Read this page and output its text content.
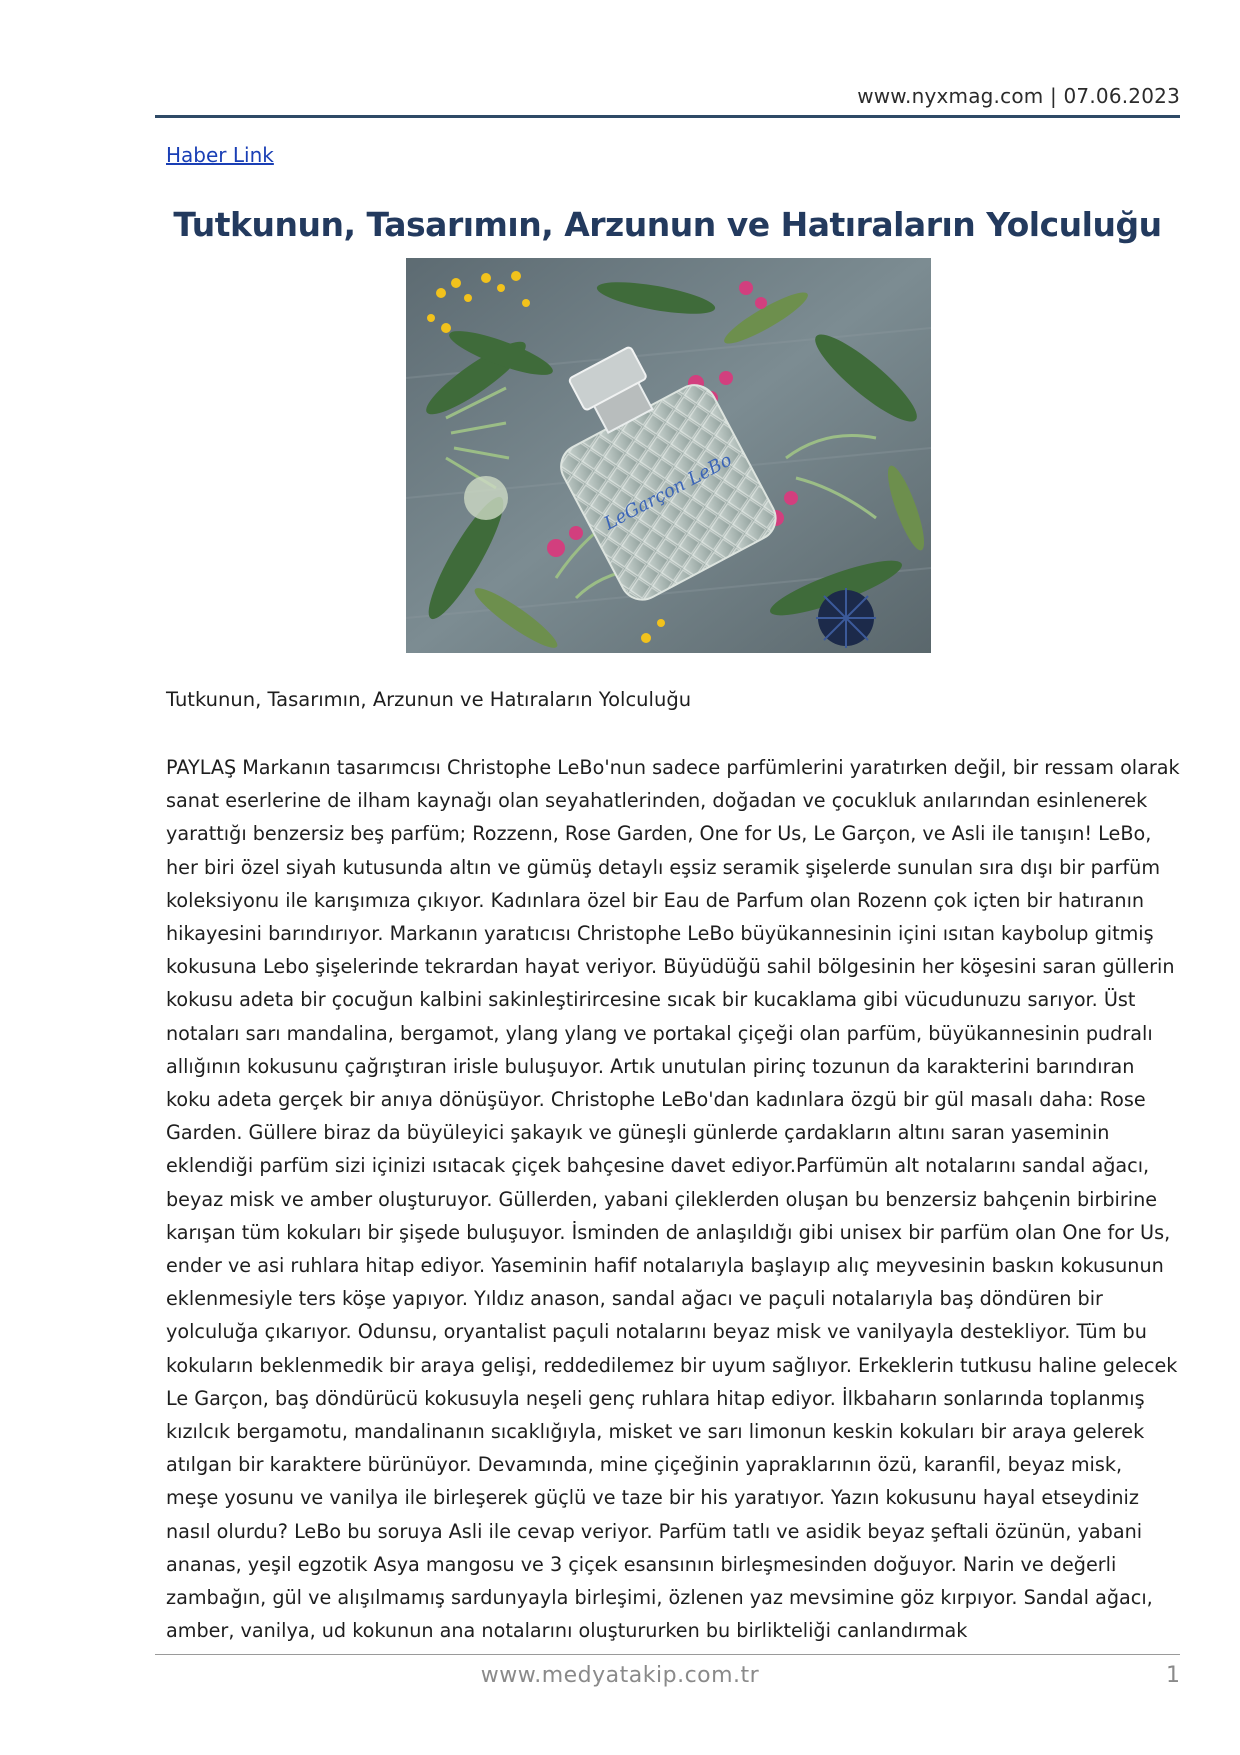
www.nyxmag.com | 07.06.2023
Haber Link
Tutkunun, Tasarımın, Arzunun ve Hatıraların Yolculuğu
LeGarçon LeBo

Tutkunun, Tasarımın, Arzunun ve Hatıraların Yolculuğu

PAYLAŞ Markanın tasarımcısı Christophe LeBo'nun sadece parfümlerini yaratırken değil, bir ressam olarak sanat eserlerine de ilham kaynağı olan seyahatlerinden, doğadan ve çocukluk anılarından esinlenerek yarattığı benzersiz beş parfüm; Rozzenn, Rose Garden, One for Us, Le Garçon, ve Asli ile tanışın! LeBo, her biri özel siyah kutusunda altın ve gümüş detaylı eşsiz seramik şişelerde sunulan sıra dışı bir parfüm koleksiyonu ile karışımıza çıkıyor. Kadınlara özel bir Eau de Parfum olan Rozenn çok içten bir hatıranın hikayesini barındırıyor. Markanın yaratıcısı Christophe LeBo büyükannesinin içini ısıtan kaybolup gitmiş kokusuna Lebo şişelerinde tekrardan hayat veriyor. Büyüdüğü sahil bölgesinin her köşesini saran güllerin kokusu adeta bir çocuğun kalbini sakinleştirircesine sıcak bir kucaklama gibi vücudunuzu sarıyor. Üst notaları sarı mandalina, bergamot, ylang ylang ve portakal çiçeği olan parfüm, büyükannesinin pudralı allığının kokusunu çağrıştıran irisle buluşuyor. Artık unutulan pirinç tozunun da karakterini barındıran koku adeta gerçek bir anıya dönüşüyor. Christophe LeBo'dan kadınlara özgü bir gül masalı daha: Rose Garden. Güllere biraz da büyüleyici şakayık ve güneşli günlerde çardakların altını saran yaseminin eklendiği parfüm sizi içinizi ısıtacak çiçek bahçesine davet ediyor.Parfümün alt notalarını sandal ağacı, beyaz misk ve amber oluşturuyor. Güllerden, yabani çileklerden oluşan bu benzersiz bahçenin birbirine karışan tüm kokuları bir şişede buluşuyor. İsminden de anlaşıldığı gibi unisex bir parfüm olan One for Us, ender ve asi ruhlara hitap ediyor. Yaseminin hafif notalarıyla başlayıp alıç meyvesinin baskın kokusunun eklenmesiyle ters köşe yapıyor. Yıldız anason, sandal ağacı ve paçuli notalarıyla baş döndüren bir yolculuğa çıkarıyor. Odunsu, oryantalist paçuli notalarını beyaz misk ve vanilyayla destekliyor. Tüm bu kokuların beklenmedik bir araya gelişi, reddedilemez bir uyum sağlıyor. Erkeklerin tutkusu haline gelecek Le Garçon, baş döndürücü kokusuyla neşeli genç ruhlara hitap ediyor. İlkbaharın sonlarında toplanmış kızılcık bergamotu, mandalinanın sıcaklığıyla, misket ve sarı limonun keskin kokuları bir araya gelerek atılgan bir karaktere bürünüyor. Devamında, mine çiçeğinin yapraklarının özü, karanfil, beyaz misk, meşe yosunu ve vanilya ile birleşerek güçlü ve taze bir his yaratıyor. Yazın kokusunu hayal etseydiniz nasıl olurdu? LeBo bu soruya Asli ile cevap veriyor. Parfüm tatlı ve asidik beyaz şeftali özünün, yabani ananas, yeşil egzotik Asya mangosu ve 3 çiçek esansının birleşmesinden doğuyor. Narin ve değerli zambağın, gül ve alışılmamış sardunyayla birleşimi, özlenen yaz mevsimine göz kırpıyor. Sandal ağacı, amber, vanilya, ud kokunun ana notalarını oluştururken bu birlikteliği canlandırmak

www.medyatakip.com.tr	1
